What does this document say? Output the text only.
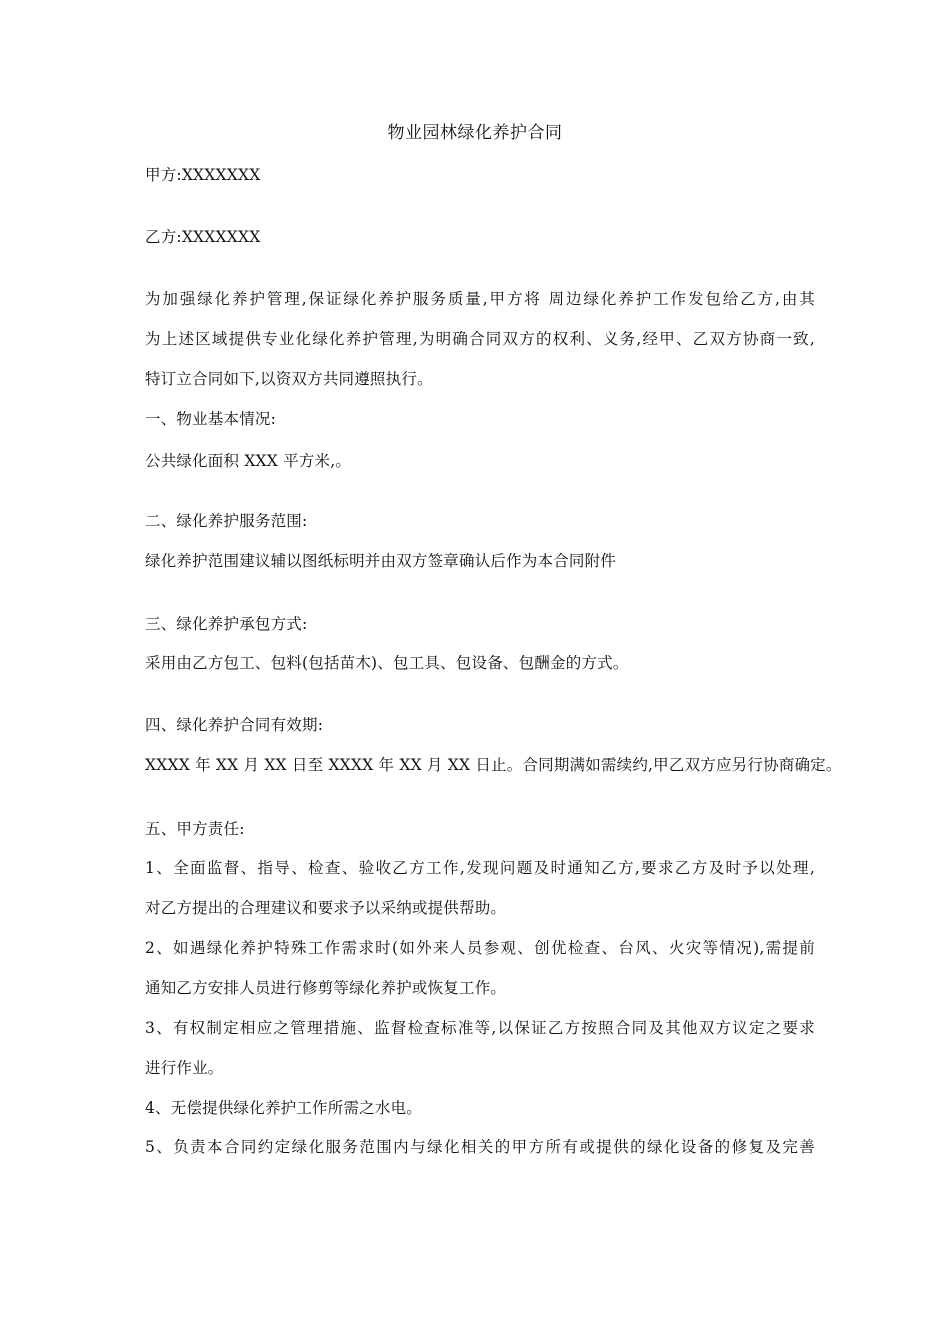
物业园林绿化养护合同
甲方:XXXXXXX
乙方:XXXXXXX
为加强绿化养护管理,保证绿化养护服务质量,甲方将 周边绿化养护工作发包给乙方,由其
为上述区域提供专业化绿化养护管理,为明确合同双方的权利、义务,经甲、乙双方协商一致,
特订立合同如下,以资双方共同遵照执行。
一、物业基本情况:
公共绿化面积 XXX 平方米,。
二、绿化养护服务范围:
绿化养护范围建议辅以图纸标明并由双方签章确认后作为本合同附件
三、绿化养护承包方式:
采用由乙方包工、包料(包括苗木)、包工具、包设备、包酬金的方式。
四、绿化养护合同有效期:
XXXX 年 XX 月 XX 日至 XXXX 年 XX 月 XX 日止。合同期满如需续约,甲乙双方应另行协商确定。
五、甲方责任:
1、全面监督、指导、检查、验收乙方工作,发现问题及时通知乙方,要求乙方及时予以处理,
对乙方提出的合理建议和要求予以采纳或提供帮助。
2、如遇绿化养护特殊工作需求时(如外来人员参观、创优检查、台风、火灾等情况),需提前
通知乙方安排人员进行修剪等绿化养护或恢复工作。
3、有权制定相应之管理措施、监督检查标准等,以保证乙方按照合同及其他双方议定之要求
进行作业。
4、无偿提供绿化养护工作所需之水电。
5、负责本合同约定绿化服务范围内与绿化相关的甲方所有或提供的绿化设备的修复及完善
